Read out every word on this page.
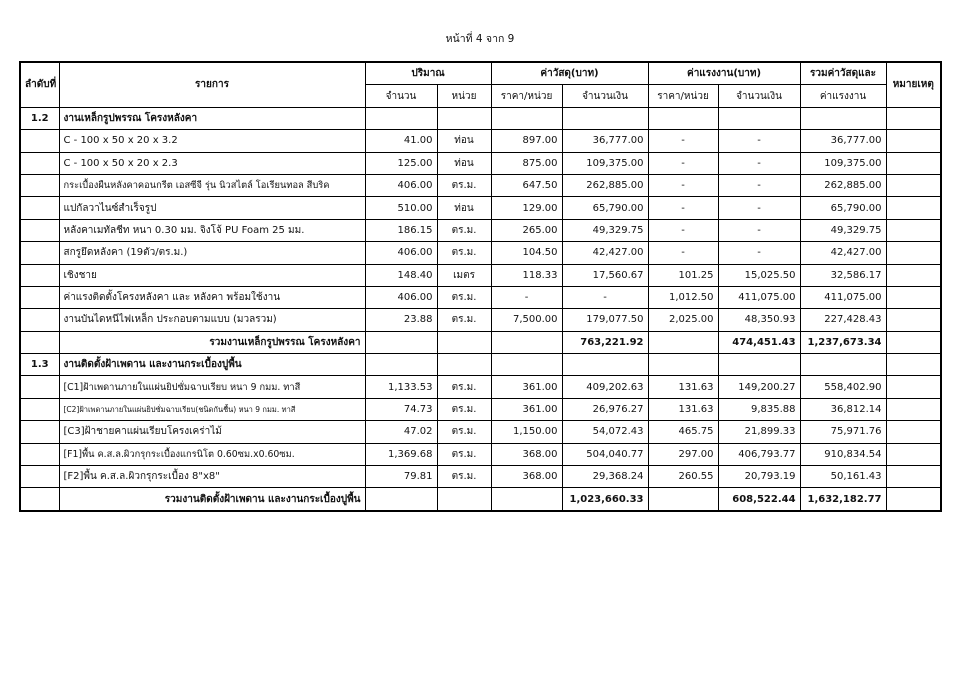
หน้าที่ 4 จาก 9
ลำดับที่	รายการ	ปริมาณ		ค่าวัสดุ(บาท)		ค่าแรงงาน(บาท)		รวมค่าวัสดุและ	หมายเหตุ
		จำนวน	หน่วย	ราคา/หน่วย	จำนวนเงิน	ราคา/หน่วย	จำนวนเงิน	ค่าแรงงาน	
1.2	งานเหล็กรูปพรรณ โครงหลังคา								
	C - 100 x 50 x 20 x 3.2	41.00	ท่อน	897.00	36,777.00	-	-	36,777.00	
	C - 100 x 50 x 20 x 2.3	125.00	ท่อน	875.00	109,375.00	-	-	109,375.00	
	กระเบื้องผืนหลังคาคอนกรีต เอสซีจี รุ่น นิวสไตล์ โอเรียนทอล สีบริค	406.00	ตร.ม.	647.50	262,885.00	-	-	262,885.00	
	แปกัลวาไนซ์สำเร็จรูป	510.00	ท่อน	129.00	65,790.00	-	-	65,790.00	
	หลังคาเมทัลชีท หนา 0.30 มม. จิงโจ้ PU Foam 25 มม.	186.15	ตร.ม.	265.00	49,329.75	-	-	49,329.75	
	สกรูยึดหลังคา (19ตัว/ตร.ม.)	406.00	ตร.ม.	104.50	42,427.00	-	-	42,427.00	
	เชิงชาย	148.40	เมตร	118.33	17,560.67	101.25	15,025.50	32,586.17	
	ค่าแรงติดตั้งโครงหลังคา และ หลังคา พร้อมใช้งาน	406.00	ตร.ม.	-	-	1,012.50	411,075.00	411,075.00	
	งานบันไดหนีไฟเหล็ก ประกอบตามแบบ (มวลรวม)	23.88	ตร.ม.	7,500.00	179,077.50	2,025.00	48,350.93	227,428.43	
	รวมงานเหล็กรูปพรรณ โครงหลังคา				763,221.92		474,451.43	1,237,673.34	
1.3	งานติดตั้งฝ้าเพดาน และงานกระเบื้องปูพื้น								
	[C1]ฝ้าเพดานภายในแผ่นยิปซั่มฉาบเรียบ หนา 9 กมม. ทาสี	1,133.53	ตร.ม.	361.00	409,202.63	131.63	149,200.27	558,402.90	
	[C2]ฝ้าเพดานภายในแผ่นยิปซั่มฉาบเรียบ(ชนิดกันชื้น) หนา 9 กมม. ทาสี	74.73	ตร.ม.	361.00	26,976.27	131.63	9,835.88	36,812.14	
	[C3]ฝ้าชายคาแผ่นเรียบโครงเคร่าไม้	47.02	ตร.ม.	1,150.00	54,072.43	465.75	21,899.33	75,971.76	
	[F1]พื้น ค.ส.ล.ผิวกรุกระเบื้องแกรนิโต 0.60ซม.x0.60ซม.	1,369.68	ตร.ม.	368.00	504,040.77	297.00	406,793.77	910,834.54	
	[F2]พื้น ค.ส.ล.ผิวกรุกระเบื้อง 8"x8"	79.81	ตร.ม.	368.00	29,368.24	260.55	20,793.19	50,161.43	
	รวมงานติดตั้งฝ้าเพดาน และงานกระเบื้องปูพื้น				1,023,660.33		608,522.44	1,632,182.77	
